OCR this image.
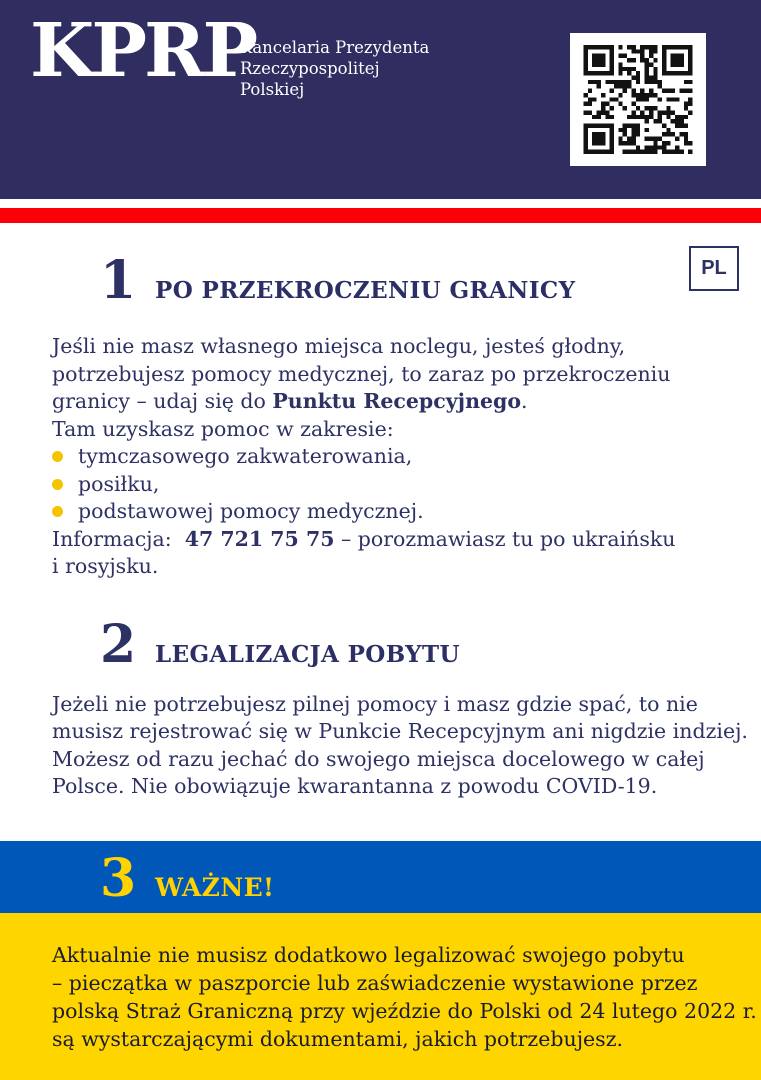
KPRP
Kancelaria Prezydenta
Rzeczypospolitej
Polskiej
PL
1 PO PRZEKROCZENIU GRANICY
Jeśli nie masz własnego miejsca noclegu, jesteś głodny,
potrzebujesz pomocy medycznej, to zaraz po przekroczeniu
granicy – udaj się do Punktu Recepcyjnego.
Tam uzyskasz pomoc w zakresie:
tymczasowego zakwaterowania,
posiłku,
podstawowej pomocy medycznej.
Informacja:  47 721 75 75 – porozmawiasz tu po ukraińsku
i rosyjsku.
2 LEGALIZACJA POBYTU
Jeżeli nie potrzebujesz pilnej pomocy i masz gdzie spać, to nie
musisz rejestrować się w Punkcie Recepcyjnym ani nigdzie indziej.
Możesz od razu jechać do swojego miejsca docelowego w całej
Polsce. Nie obowiązuje kwarantanna z powodu COVID-19.
3 WAŻNE!
Aktualnie nie musisz dodatkowo legalizować swojego pobytu
– pieczątka w paszporcie lub zaświadczenie wystawione przez
polską Straż Graniczną przy wjeździe do Polski od 24 lutego 2022 r.
są wystarczającymi dokumentami, jakich potrzebujesz.
